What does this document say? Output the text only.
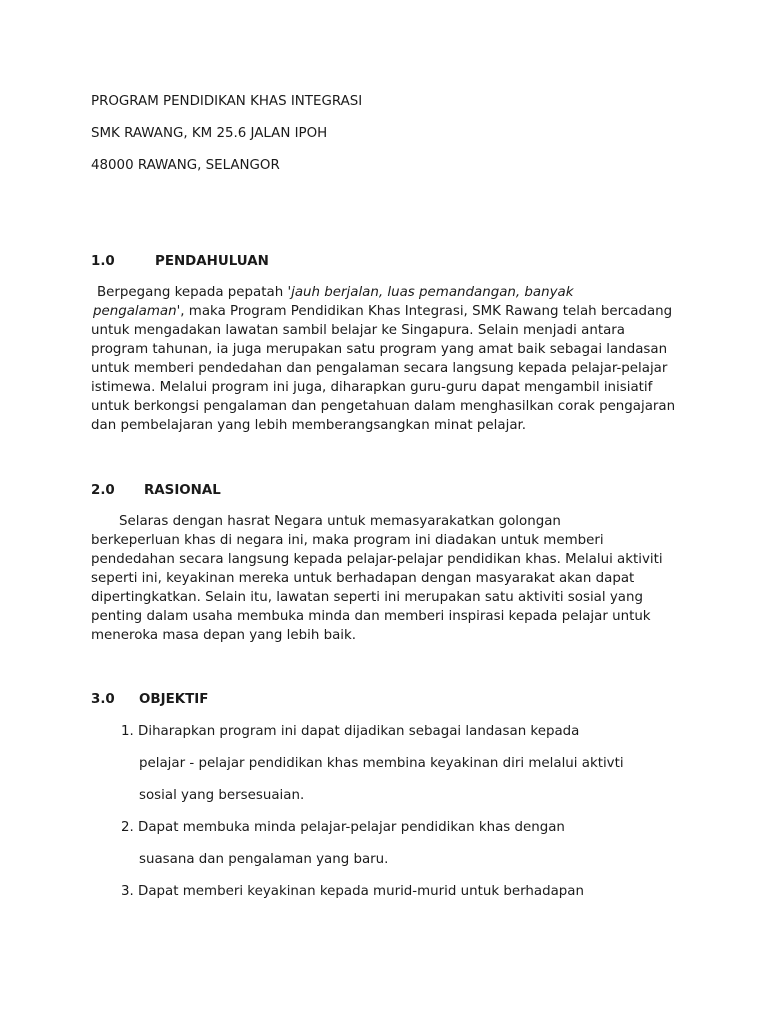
PROGRAM PENDIDIKAN KHAS INTEGRASI
SMK RAWANG, KM 25.6 JALAN IPOH
48000 RAWANG, SELANGOR
1.0	PENDAHULUAN
Berpegang kepada pepatah 'jauh berjalan, luas pemandangan, banyak
pengalaman', maka Program Pendidikan Khas Integrasi, SMK Rawang telah bercadang
untuk mengadakan lawatan sambil belajar ke Singapura. Selain menjadi antara
program tahunan, ia juga merupakan satu program yang amat baik sebagai landasan
untuk memberi pendedahan dan pengalaman secara langsung kepada pelajar-pelajar
istimewa. Melalui program ini juga, diharapkan guru-guru dapat mengambil inisiatif
untuk berkongsi pengalaman dan pengetahuan dalam menghasilkan corak pengajaran
dan pembelajaran yang lebih memberangsangkan minat pelajar.
2.0 RASIONAL
Selaras dengan hasrat Negara untuk memasyarakatkan golongan
berkeperluan khas di negara ini, maka program ini diadakan untuk memberi
pendedahan secara langsung kepada pelajar-pelajar pendidikan khas. Melalui aktiviti
seperti ini, keyakinan mereka untuk berhadapan dengan masyarakat akan dapat
dipertingkatkan. Selain itu, lawatan seperti ini merupakan satu aktiviti sosial yang
penting dalam usaha membuka minda dan memberi inspirasi kepada pelajar untuk
meneroka masa depan yang lebih baik.
3.0 OBJEKTIF
1. Diharapkan program ini dapat dijadikan sebagai landasan kepada
pelajar - pelajar pendidikan khas membina keyakinan diri melalui aktivti
sosial yang bersesuaian.
2. Dapat membuka minda pelajar-pelajar pendidikan khas dengan
suasana dan pengalaman yang baru.
3. Dapat memberi keyakinan kepada murid-murid untuk berhadapan
